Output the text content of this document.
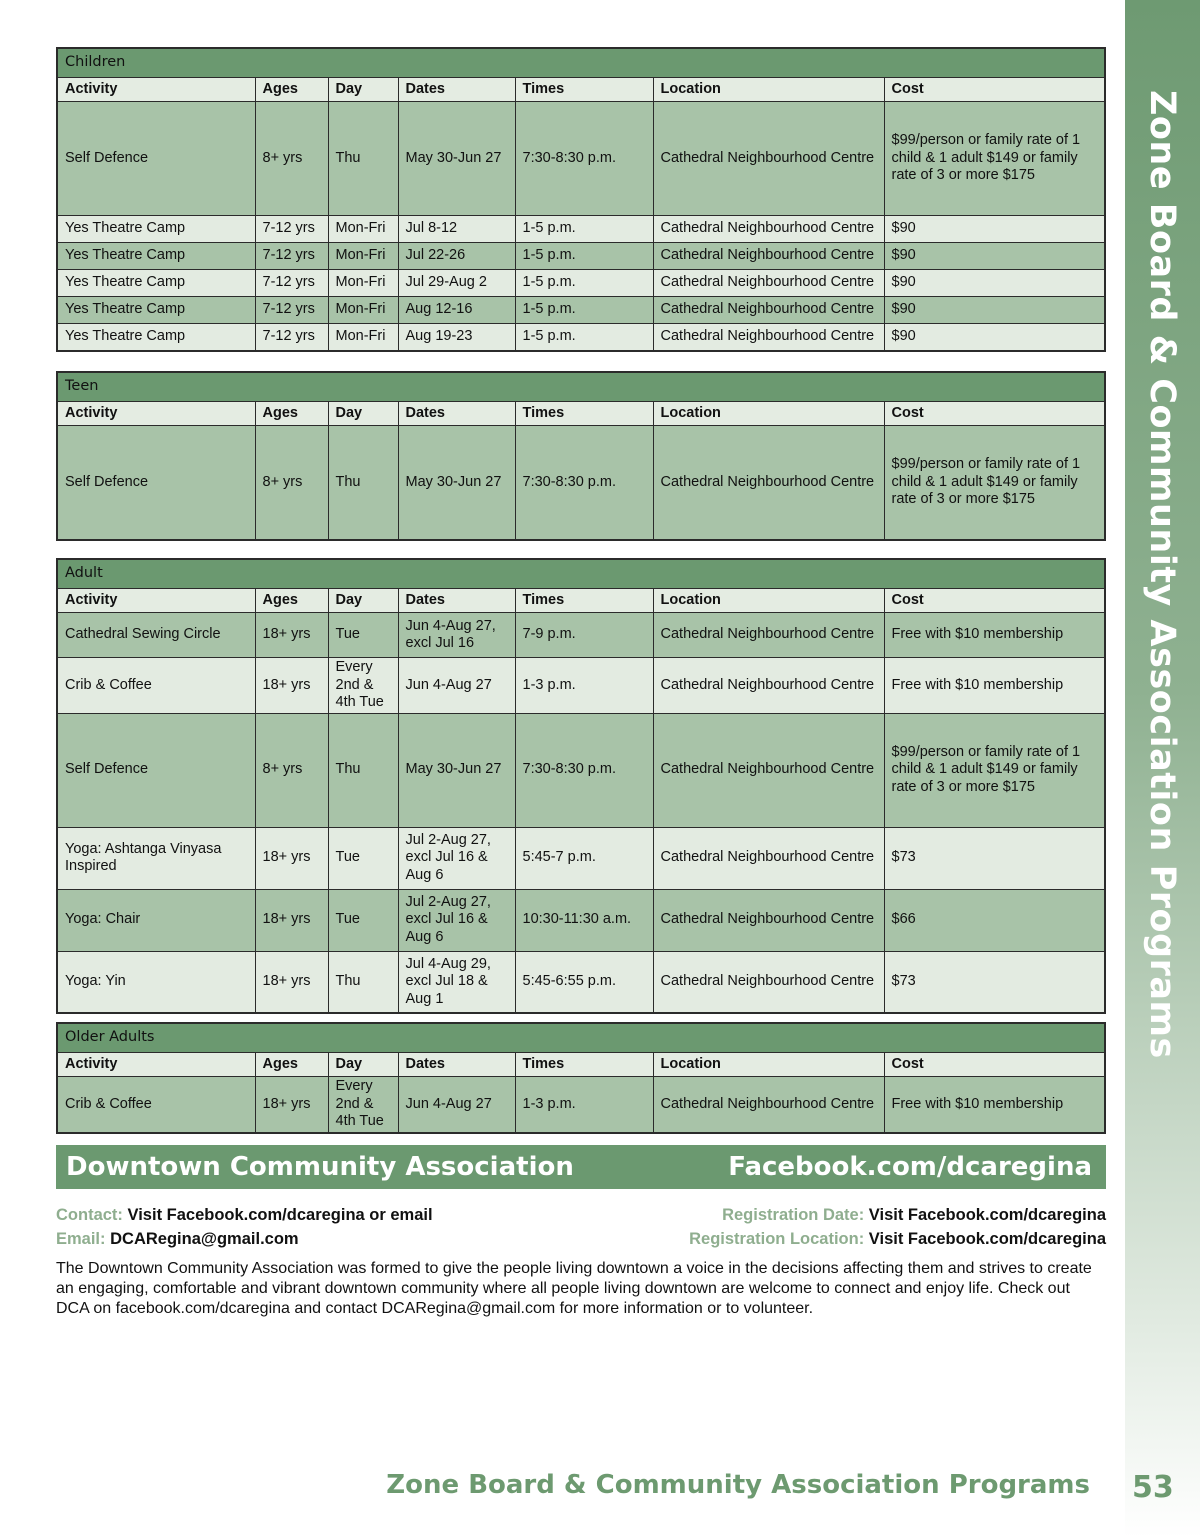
Zone Board & Community Association Programs
Children						
Activity	Ages	Day	Dates	Times	Location	Cost
Self Defence	8+ yrs	Thu	May 30-Jun 27	7:30-8:30 p.m.	Cathedral Neighbourhood Centre	$99/person or family rate of 1 child & 1 adult $149 or family rate of 3 or more $175
Yes Theatre Camp	7-12 yrs	Mon-Fri	Jul 8-12	1-5 p.m.	Cathedral Neighbourhood Centre	$90
Yes Theatre Camp	7-12 yrs	Mon-Fri	Jul 22-26	1-5 p.m.	Cathedral Neighbourhood Centre	$90
Yes Theatre Camp	7-12 yrs	Mon-Fri	Jul 29-Aug 2	1-5 p.m.	Cathedral Neighbourhood Centre	$90
Yes Theatre Camp	7-12 yrs	Mon-Fri	Aug 12-16	1-5 p.m.	Cathedral Neighbourhood Centre	$90
Yes Theatre Camp	7-12 yrs	Mon-Fri	Aug 19-23	1-5 p.m.	Cathedral Neighbourhood Centre	$90
Teen						
Activity	Ages	Day	Dates	Times	Location	Cost
Self Defence	8+ yrs	Thu	May 30-Jun 27	7:30-8:30 p.m.	Cathedral Neighbourhood Centre	$99/person or family rate of 1 child & 1 adult $149 or family rate of 3 or more $175
Adult						
Activity	Ages	Day	Dates	Times	Location	Cost
Cathedral Sewing Circle	18+ yrs	Tue	Jun 4-Aug 27, excl Jul 16	7-9 p.m.	Cathedral Neighbourhood Centre	Free with $10 membership
Crib & Coffee	18+ yrs	Every 2nd & 4th Tue	Jun 4-Aug 27	1-3 p.m.	Cathedral Neighbourhood Centre	Free with $10 membership
Self Defence	8+ yrs	Thu	May 30-Jun 27	7:30-8:30 p.m.	Cathedral Neighbourhood Centre	$99/person or family rate of 1 child & 1 adult $149 or family rate of 3 or more $175
Yoga: Ashtanga Vinyasa Inspired	18+ yrs	Tue	Jul 2-Aug 27, excl Jul 16 & Aug 6	5:45-7 p.m.	Cathedral Neighbourhood Centre	$73
Yoga: Chair	18+ yrs	Tue	Jul 2-Aug 27, excl Jul 16 & Aug 6	10:30-11:30 a.m.	Cathedral Neighbourhood Centre	$66
Yoga: Yin	18+ yrs	Thu	Jul 4-Aug 29, excl Jul 18 & Aug 1	5:45-6:55 p.m.	Cathedral Neighbourhood Centre	$73
Older Adults						
Activity	Ages	Day	Dates	Times	Location	Cost
Crib & Coffee	18+ yrs	Every 2nd & 4th Tue	Jun 4-Aug 27	1-3 p.m.	Cathedral Neighbourhood Centre	Free with $10 membership
Downtown Community Association	Facebook.com/dcaregina
Contact: Visit Facebook.com/dcaregina or email
Email: DCARegina@gmail.com
Registration Date: Visit Facebook.com/dcaregina
Registration Location: Visit Facebook.com/dcaregina
The Downtown Community Association was formed to give the people living downtown a voice in the decisions affecting them and strives to create an engaging, comfortable and vibrant downtown community where all people living downtown are welcome to connect and enjoy life. Check out DCA on facebook.com/dcaregina and contact DCARegina@gmail.com for more information or to volunteer.
Zone Board & Community Association Programs 53
